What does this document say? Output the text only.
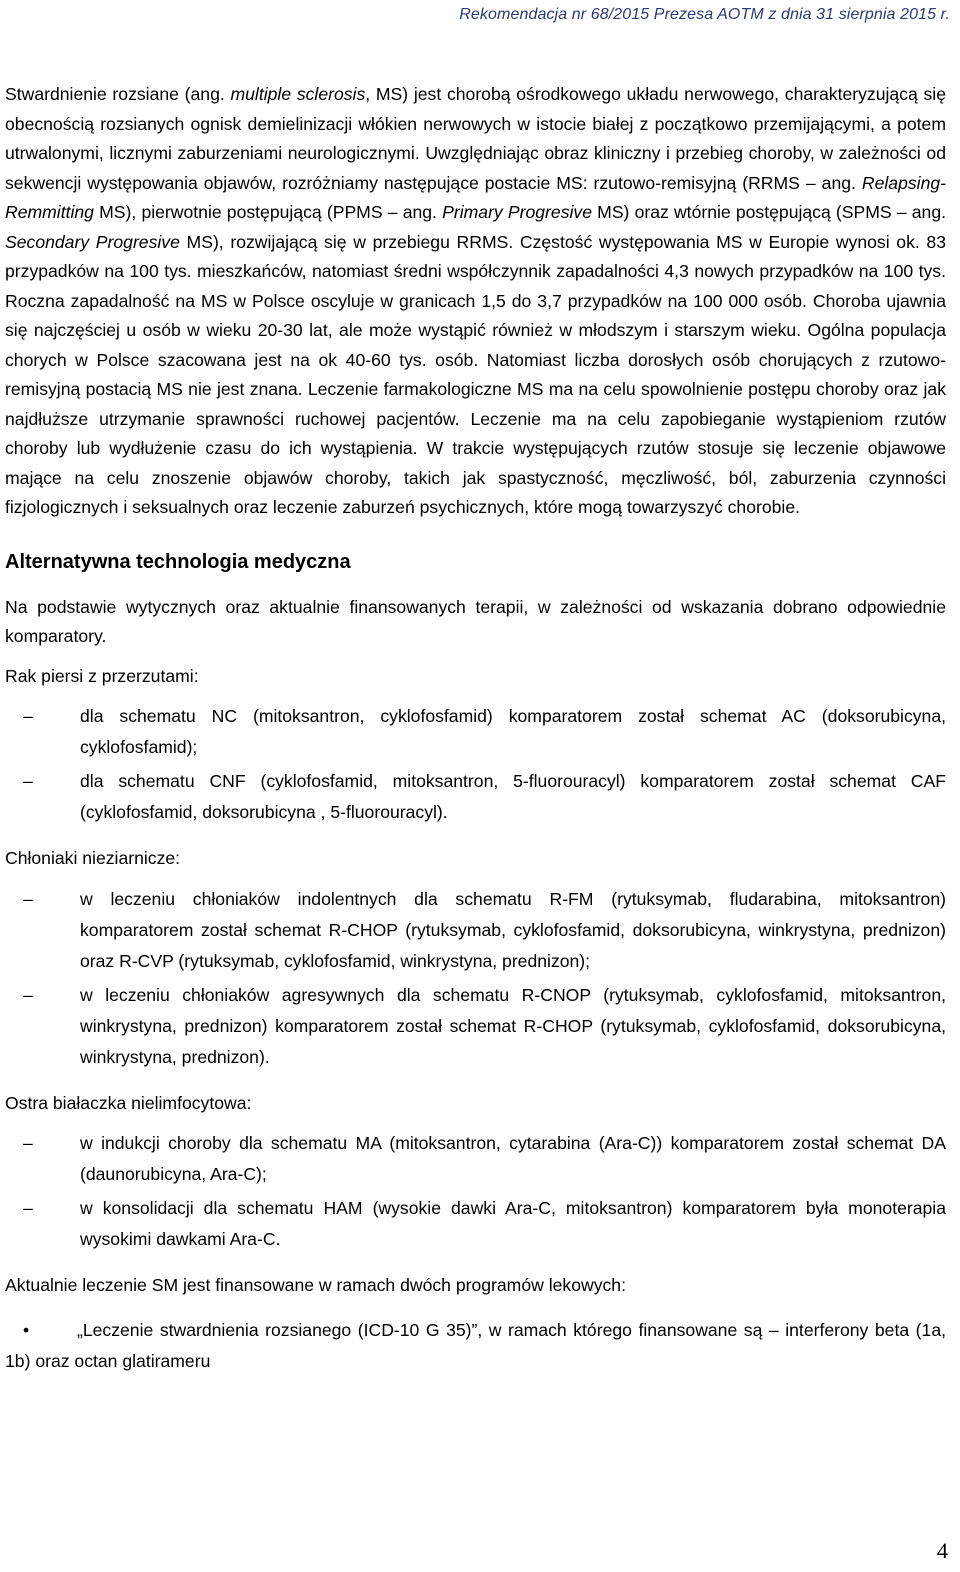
Rekomendacja nr 68/2015 Prezesa AOTM z dnia 31 sierpnia 2015 r.

Stwardnienie rozsiane (ang. multiple sclerosis, MS) jest chorobą ośrodkowego układu nerwowego, charakteryzującą się obecnością rozsianych ognisk demielinizacji włókien nerwowych w istocie białej z początkowo przemijającymi, a potem utrwalonymi, licznymi zaburzeniami neurologicznymi. Uwzględniając obraz kliniczny i przebieg choroby, w zależności od sekwencji występowania objawów, rozróżniamy następujące postacie MS: rzutowo-remisyjną (RRMS – ang. Relapsing-Remmitting MS), pierwotnie postępującą (PPMS – ang. Primary Progresive MS) oraz wtórnie postępującą (SPMS – ang. Secondary Progresive MS), rozwijającą się w przebiegu RRMS. Częstość występowania MS w Europie wynosi ok. 83 przypadków na 100 tys. mieszkańców, natomiast średni współczynnik zapadalności 4,3 nowych przypadków na 100 tys. Roczna zapadalność na MS w Polsce oscyluje w granicach 1,5 do 3,7 przypadków na 100 000 osób. Choroba ujawnia się najczęściej u osób w wieku 20-30 lat, ale może wystąpić również w młodszym i starszym wieku. Ogólna populacja chorych w Polsce szacowana jest na ok 40-60 tys. osób. Natomiast liczba dorosłych osób chorujących z rzutowo-remisyjną postacią MS nie jest znana. Leczenie farmakologiczne MS ma na celu spowolnienie postępu choroby oraz jak najdłuższe utrzymanie sprawności ruchowej pacjentów. Leczenie ma na celu zapobieganie wystąpieniom rzutów choroby lub wydłużenie czasu do ich wystąpienia. W trakcie występujących rzutów stosuje się leczenie objawowe mające na celu znoszenie objawów choroby, takich jak spastyczność, męczliwość, ból, zaburzenia czynności fizjologicznych i seksualnych oraz leczenie zaburzeń psychicznych, które mogą towarzyszyć chorobie.

Alternatywna technologia medyczna

Na podstawie wytycznych oraz aktualnie finansowanych terapii, w zależności od wskazania dobrano odpowiednie komparatory.

Rak piersi z przerzutami:

–	dla schematu NC (mitoksantron, cyklofosfamid) komparatorem został schemat AC (doksorubicyna, cyklofosfamid);
–	dla schematu CNF (cyklofosfamid, mitoksantron, 5-fluorouracyl) komparatorem został schemat CAF (cyklofosfamid, doksorubicyna , 5-fluorouracyl).

Chłoniaki nieziarnicze:

–	w leczeniu chłoniaków indolentnych dla schematu R-FM (rytuksymab, fludarabina, mitoksantron) komparatorem został schemat R-CHOP (rytuksymab, cyklofosfamid, doksorubicyna, winkrystyna, prednizon) oraz R-CVP (rytuksymab, cyklofosfamid, winkrystyna, prednizon);
–	w leczeniu chłoniaków agresywnych dla schematu R-CNOP (rytuksymab, cyklofosfamid, mitoksantron, winkrystyna, prednizon) komparatorem został schemat R-CHOP (rytuksymab, cyklofosfamid, doksorubicyna, winkrystyna, prednizon).

Ostra białaczka nielimfocytowa:

–	w indukcji choroby dla schematu MA (mitoksantron, cytarabina (Ara-C)) komparatorem został schemat DA (daunorubicyna, Ara-C);
–	w konsolidacji dla schematu HAM (wysokie dawki Ara-C, mitoksantron) komparatorem była monoterapia wysokimi dawkami Ara-C.

Aktualnie leczenie SM jest finansowane w ramach dwóch programów lekowych:

•	„Leczenie stwardnienia rozsianego (ICD-10 G 35)”, w ramach którego finansowane są – interferony beta (1a, 1b) oraz octan glatirameru
4
